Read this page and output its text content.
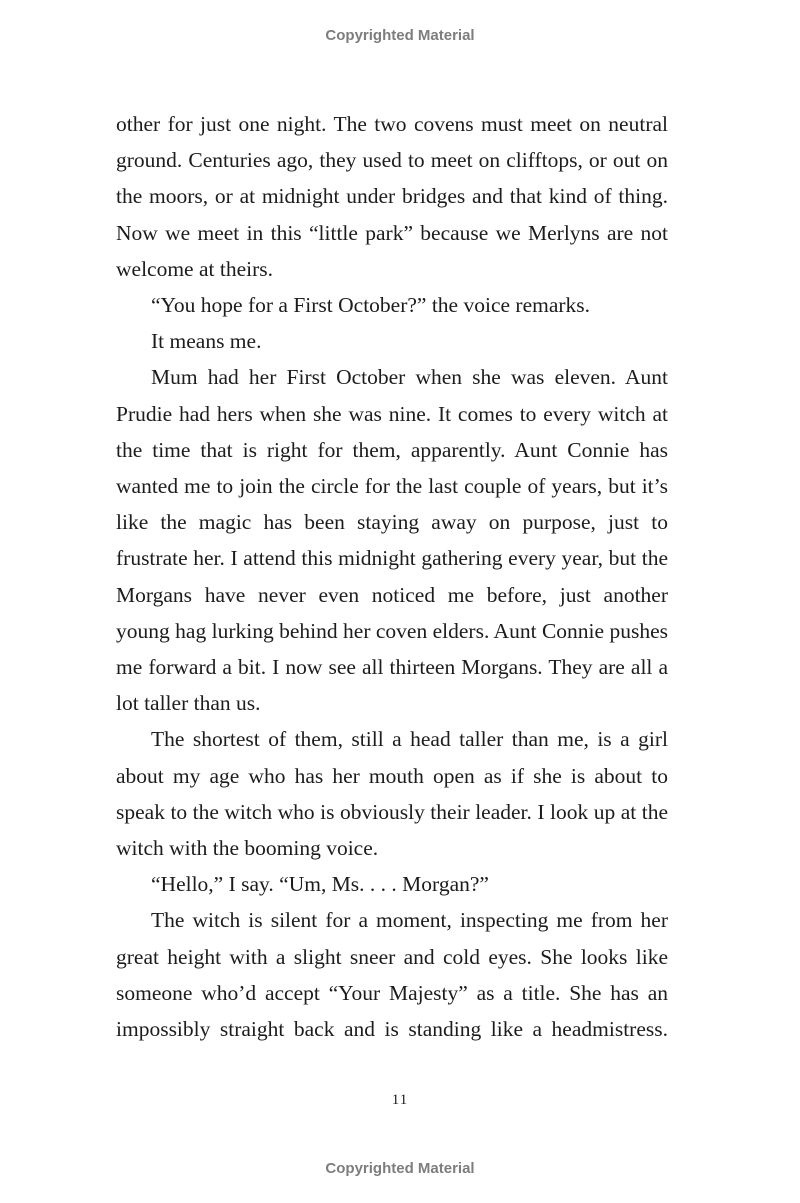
Copyrighted Material

other for just one night. The two covens must meet on neutral ground. Centuries ago, they used to meet on clifftops, or out on the moors, or at midnight under bridges and that kind of thing. Now we meet in this “little park” because we Merlyns are not welcome at theirs.

“You hope for a First October?” the voice remarks.

It means me.

Mum had her First October when she was eleven. Aunt Prudie had hers when she was nine. It comes to every witch at the time that is right for them, apparently. Aunt Connie has wanted me to join the circle for the last couple of years, but it’s like the magic has been staying away on purpose, just to frustrate her. I attend this midnight gathering every year, but the Morgans have never even noticed me before, just another young hag lurking behind her coven elders. Aunt Connie pushes me forward a bit. I now see all thirteen Morgans. They are all a lot taller than us.

The shortest of them, still a head taller than me, is a girl about my age who has her mouth open as if she is about to speak to the witch who is obviously their leader. I look up at the witch with the booming voice.

“Hello,” I say. “Um, Ms. . . . Morgan?”

The witch is silent for a moment, inspecting me from her great height with a slight sneer and cold eyes. She looks like someone who’d accept “Your Majesty” as a title. She has an impossibly straight back and is standing like a headmistress.

11
Copyrighted Material
